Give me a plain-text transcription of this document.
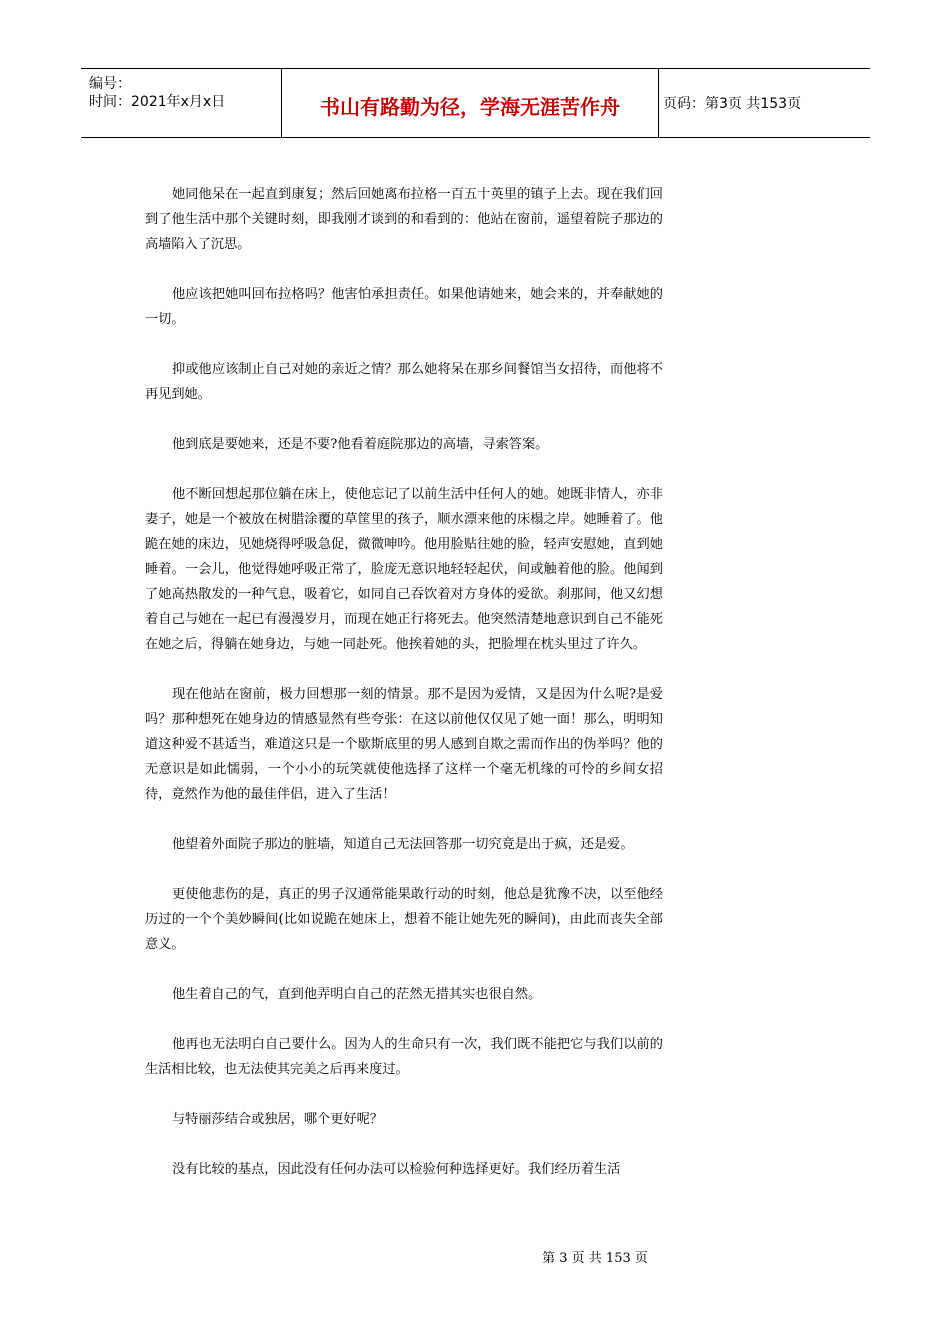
编号：
时间：2021年x月x日	书山有路勤为径，学海无涯苦作舟	页码：第3页 共153页

她同他呆在一起直到康复；然后回她离布拉格一百五十英里的镇子上去。现在我们回到了他生活中那个关键时刻，即我刚才谈到的和看到的：他站在窗前，遥望着院子那边的高墙陷入了沉思。

他应该把她叫回布拉格吗？他害怕承担责任。如果他请她来，她会来的，并奉献她的一切。

抑或他应该制止自己对她的亲近之情？那么她将呆在那乡间餐馆当女招待，而他将不再见到她。

他到底是要她来，还是不要?他看着庭院那边的高墙，寻索答案。

他不断回想起那位躺在床上，使他忘记了以前生活中任何人的她。她既非情人，亦非妻子，她是一个被放在树腊涂覆的草筐里的孩子，顺水漂来他的床榻之岸。她睡着了。他跪在她的床边，见她烧得呼吸急促，微微呻吟。他用脸贴往她的脸，轻声安慰她，直到她睡着。一会儿，他觉得她呼吸正常了，脸庞无意识地轻轻起伏，间或触着他的脸。他闻到了她高热散发的一种气息，吸着它，如同自己吞饮着对方身体的爱欲。刹那间，他又幻想着自己与她在一起已有漫漫岁月，而现在她正行将死去。他突然清楚地意识到自己不能死在她之后，得躺在她身边，与她一同赴死。他挨着她的头，把脸埋在枕头里过了许久。

现在他站在窗前，极力回想那一刻的情景。那不是因为爱情，又是因为什么呢?是爱吗？那种想死在她身边的情感显然有些夸张：在这以前他仅仅见了她一面！那么，明明知道这种爱不甚适当，难道这只是一个歇斯底里的男人感到自欺之需而作出的伪举吗？他的无意识是如此懦弱，一个小小的玩笑就使他选择了这样一个毫无机缘的可怜的乡间女招待，竟然作为他的最佳伴侣，进入了生活！

他望着外面院子那边的脏墙，知道自己无法回答那一切究竟是出于疯，还是爱。

更使他悲伤的是，真正的男子汉通常能果敢行动的时刻，他总是犹豫不决，以至他经历过的一个个美妙瞬间(比如说跪在她床上，想着不能让她先死的瞬间)，由此而丧失全部意义。

他生着自己的气，直到他弄明白自己的茫然无措其实也很自然。

他再也无法明白自己要什么。因为人的生命只有一次，我们既不能把它与我们以前的生活相比较，也无法使其完美之后再来度过。

与特丽莎结合或独居，哪个更好呢？

没有比较的基点，因此没有任何办法可以检验何种选择更好。我们经历着生活

第 3 页 共 153 页
